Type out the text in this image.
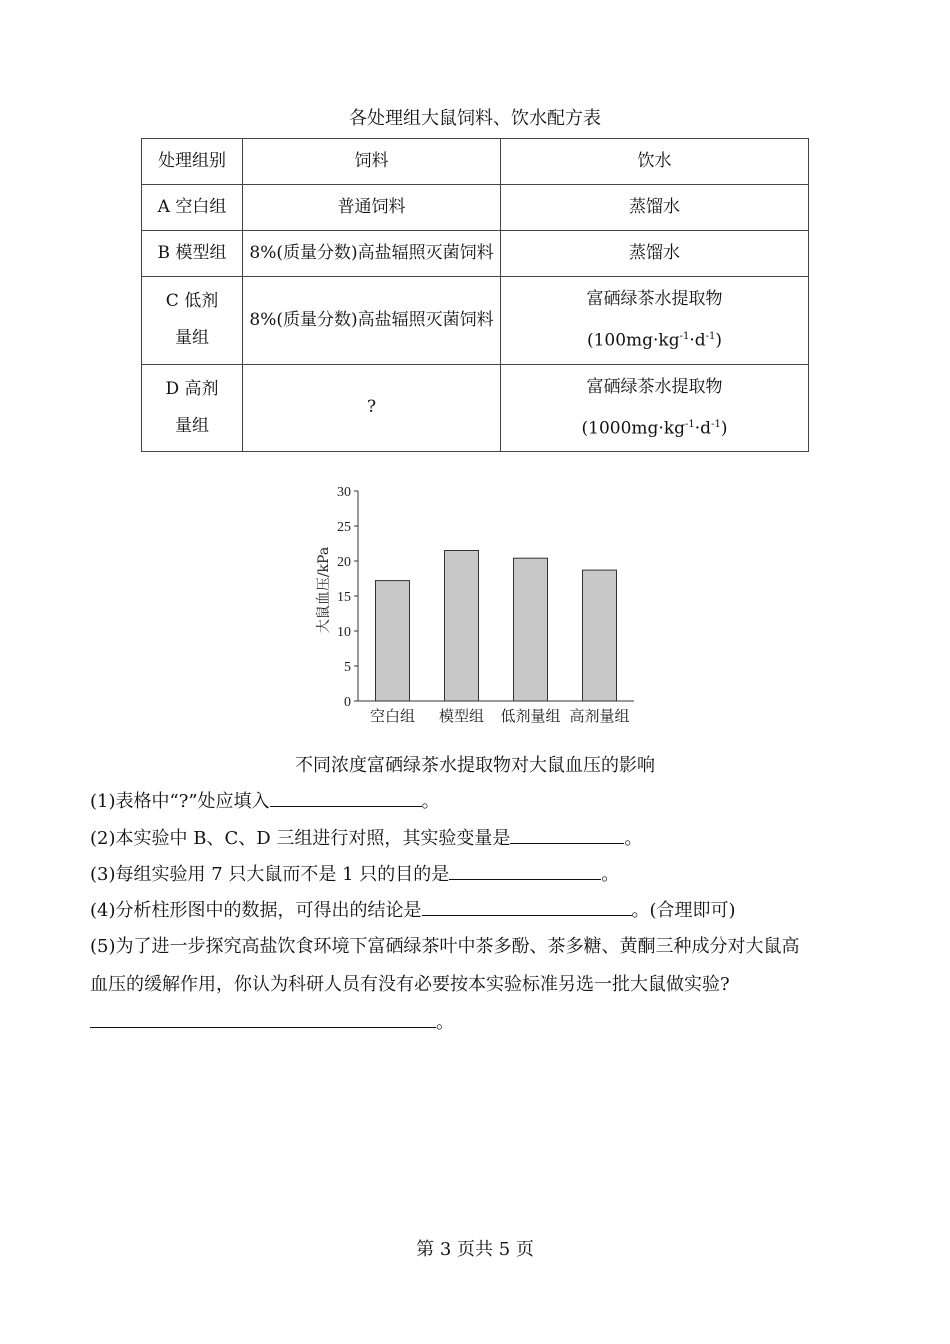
各处理组大鼠饲料、饮水配方表
处理组别	饲料	饮水
A 空白组	普通饲料	蒸馏水
B 模型组	8%(质量分数)高盐辐照灭菌饲料	蒸馏水
C 低剂量组	8%(质量分数)高盐辐照灭菌饲料	富硒绿茶水提取物
$(100mg\cdot kg^{-1}\cdot d^{-1})$

D 高剂量组	?	富硒绿茶水提取物
$(1000mg\cdot kg^{-1}\cdot d^{-1})$
0
5
10
15
20
25
30
空白组 模型组 低剂量组 高剂量组
大鼠血压/kPa
不同浓度富硒绿茶水提取物对大鼠血压的影响
(1)表格中“?”处应填入	。
(2)本实验中 B、C、D 三组进行对照，其实验变量是	。
(3)每组实验用 7 只大鼠而不是 1 只的目的是	。
(4)分析柱形图中的数据，可得出的结论是	。(合理即可)
(5)为了进一步探究高盐饮食环境下富硒绿茶叶中茶多酚、茶多糖、黄酮三种成分对大鼠高
血压的缓解作用，你认为科研人员有没有必要按本实验标准另选一批大鼠做实验?
。
第 3 页共 5 页
